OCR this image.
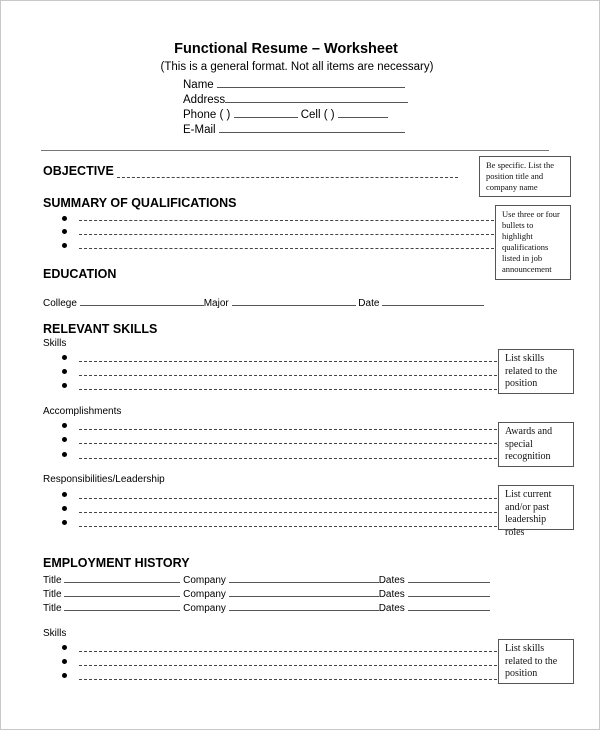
Functional Resume – Worksheet
(This is a general format. Not all items are necessary)
Name
Address
Phone ( )	Cell ( )
E-Mail
OBJECTIVE	Be specific. List the position title and company name
SUMMARY OF QUALIFICATIONS
Use three or four bullets to highlight qualifications listed in job announcement
EDUCATION
College	Major	Date
RELEVANT SKILLS
Skills
List skills related to the position
Accomplishments
Awards and special recognition
Responsibilities/Leadership
List current and/or past leadership roles
EMPLOYMENT HISTORY
Title	Company	Dates
Title	Company	Dates
Title	Company	Dates
Skills
List skills related to the position
